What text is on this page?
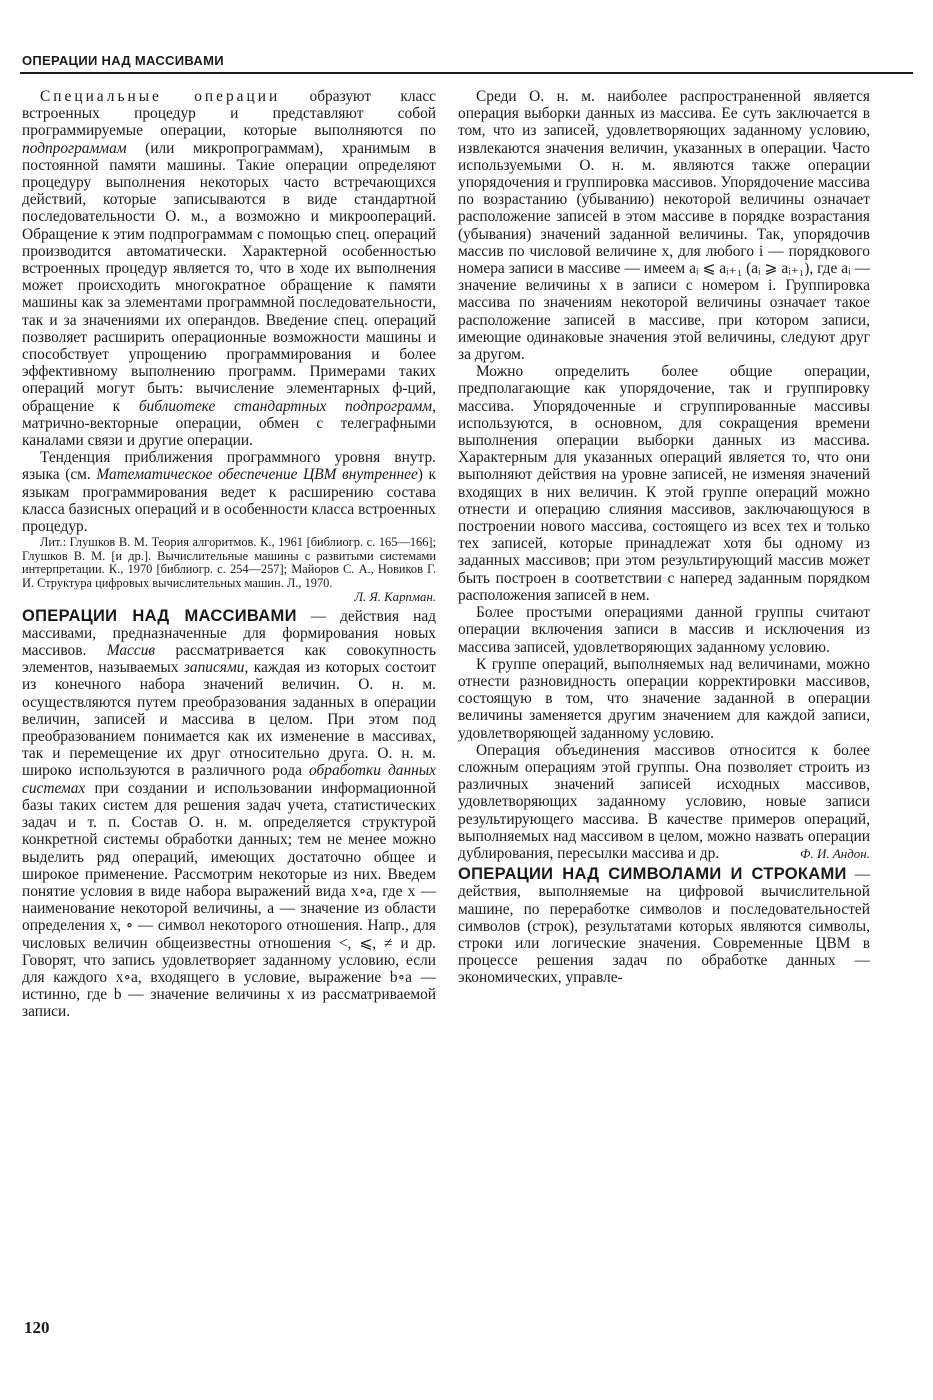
ОПЕРАЦИИ НАД МАССИВАМИ

Специальные операции образуют класс встроенных процедур и представляют собой программируемые операции, которые выполняются по подпрограммам (или микропрограммам), хранимым в постоянной памяти машины. Такие операции определяют процедуру выполнения некоторых часто встречающихся действий, которые записываются в виде стандартной последовательности О. м., а возможно и микроопераций. Обращение к этим подпрограммам с помощью спец. операций производится автоматически. Характерной особенностью встроенных процедур является то, что в ходе их выполнения может происходить многократное обращение к памяти машины как за элементами программной последовательности, так и за значениями их операндов. Введение спец. операций позволяет расширить операционные возможности машины и способствует упрощению программирования и более эффективному выполнению программ. Примерами таких операций могут быть: вычисление элементарных ф-ций, обращение к библиотеке стандартных подпрограмм, матрично-векторные операции, обмен с телеграфными каналами связи и другие операции.

Тенденция приближения программного уровня внутр. языка (см. Математическое обеспечение ЦВМ внутреннее) к языкам программирования ведет к расширению состава класса базисных операций и в особенности класса встроенных процедур.

Лит.: Глушков В. М. Теория алгоритмов. К., 1961 [библиогр. с. 165—166]; Глушков В. М. [и др.]. Вычислительные машины с развитыми системами интерпретации. К., 1970 [библиогр. с. 254—257]; Майоров С. А., Новиков Г. И. Структура цифровых вычислительных машин. Л., 1970.

Л. Я. Карпман.

ОПЕРАЦИИ НАД МАССИВАМИ — действия над массивами, предназначенные для формирования новых массивов. Массив рассматривается как совокупность элементов, называемых записями, каждая из которых состоит из конечного набора значений величин. О. н. м. осуществляются путем преобразования заданных в операции величин, записей и массива в целом. При этом под преобразованием понимается как их изменение в массивах, так и перемещение их друг относительно друга. О. н. м. широко используются в различного рода обработки данных системах при создании и использовании информационной базы таких систем для решения задач учета, статистических задач и т. п. Состав О. н. м. определяется структурой конкретной системы обработки данных; тем не менее можно выделить ряд операций, имеющих достаточно общее и широкое применение. Рассмотрим некоторые из них. Введем понятие условия в виде набора выражений вида x∘a, где x — наименование некоторой величины, a — значение из области определения x, ∘ — символ некоторого отношения. Напр., для числовых величин общеизвестны отношения <, ⩽, ≠ и др. Говорят, что запись удовлетворяет заданному условию, если для каждого x∘a, входящего в условие, выражение b∘a — истинно, где b — значение величины x из рассматриваемой записи.

Среди О. н. м. наиболее распространенной является операция выборки данных из массива. Ее суть заключается в том, что из записей, удовлетворяющих заданному условию, извлекаются значения величин, указанных в операции. Часто используемыми О. н. м. являются также операции упорядочения и группировка массивов. Упорядочение массива по возрастанию (убыванию) некоторой величины означает расположение записей в этом массиве в порядке возрастания (убывания) значений заданной величины. Так, упорядочив массив по числовой величине x, для любого i — порядкового номера записи в массиве — имеем aᵢ ⩽ aᵢ₊₁ (aᵢ ⩾ aᵢ₊₁), где aᵢ — значение величины x в записи с номером i. Группировка массива по значениям некоторой величины означает такое расположение записей в массиве, при котором записи, имеющие одинаковые значения этой величины, следуют друг за другом.

Можно определить более общие операции, предполагающие как упорядочение, так и группировку массива. Упорядоченные и сгруппированные массивы используются, в основном, для сокращения времени выполнения операции выборки данных из массива. Характерным для указанных операций является то, что они выполняют действия на уровне записей, не изменяя значений входящих в них величин. К этой группе операций можно отнести и операцию слияния массивов, заключающуюся в построении нового массива, состоящего из всех тех и только тех записей, которые принадлежат хотя бы одному из заданных массивов; при этом результирующий массив может быть построен в соответствии с наперед заданным порядком расположения записей в нем.

Более простыми операциями данной группы считают операции включения записи в массив и исключения из массива записей, удовлетворяющих заданному условию.

К группе операций, выполняемых над величинами, можно отнести разновидность операции корректировки массивов, состоящую в том, что значение заданной в операции величины заменяется другим значением для каждой записи, удовлетворяющей заданному условию.

Операция объединения массивов относится к более сложным операциям этой группы. Она позволяет строить из различных значений записей исходных массивов, удовлетворяющих заданному условию, новые записи результирующего массива. В качестве примеров операций, выполняемых над массивом в целом, можно назвать операции дублирования, пересылки массива и др.	Ф. И. Андон.

ОПЕРАЦИИ НАД СИМВОЛАМИ И СТРОКАМИ — действия, выполняемые на цифровой вычислительной машине, по переработке символов и последовательностей символов (строк), результатами которых являются символы, строки или логические значения. Современные ЦВМ в процессе решения задач по обработке данных — экономических, управле-

120
